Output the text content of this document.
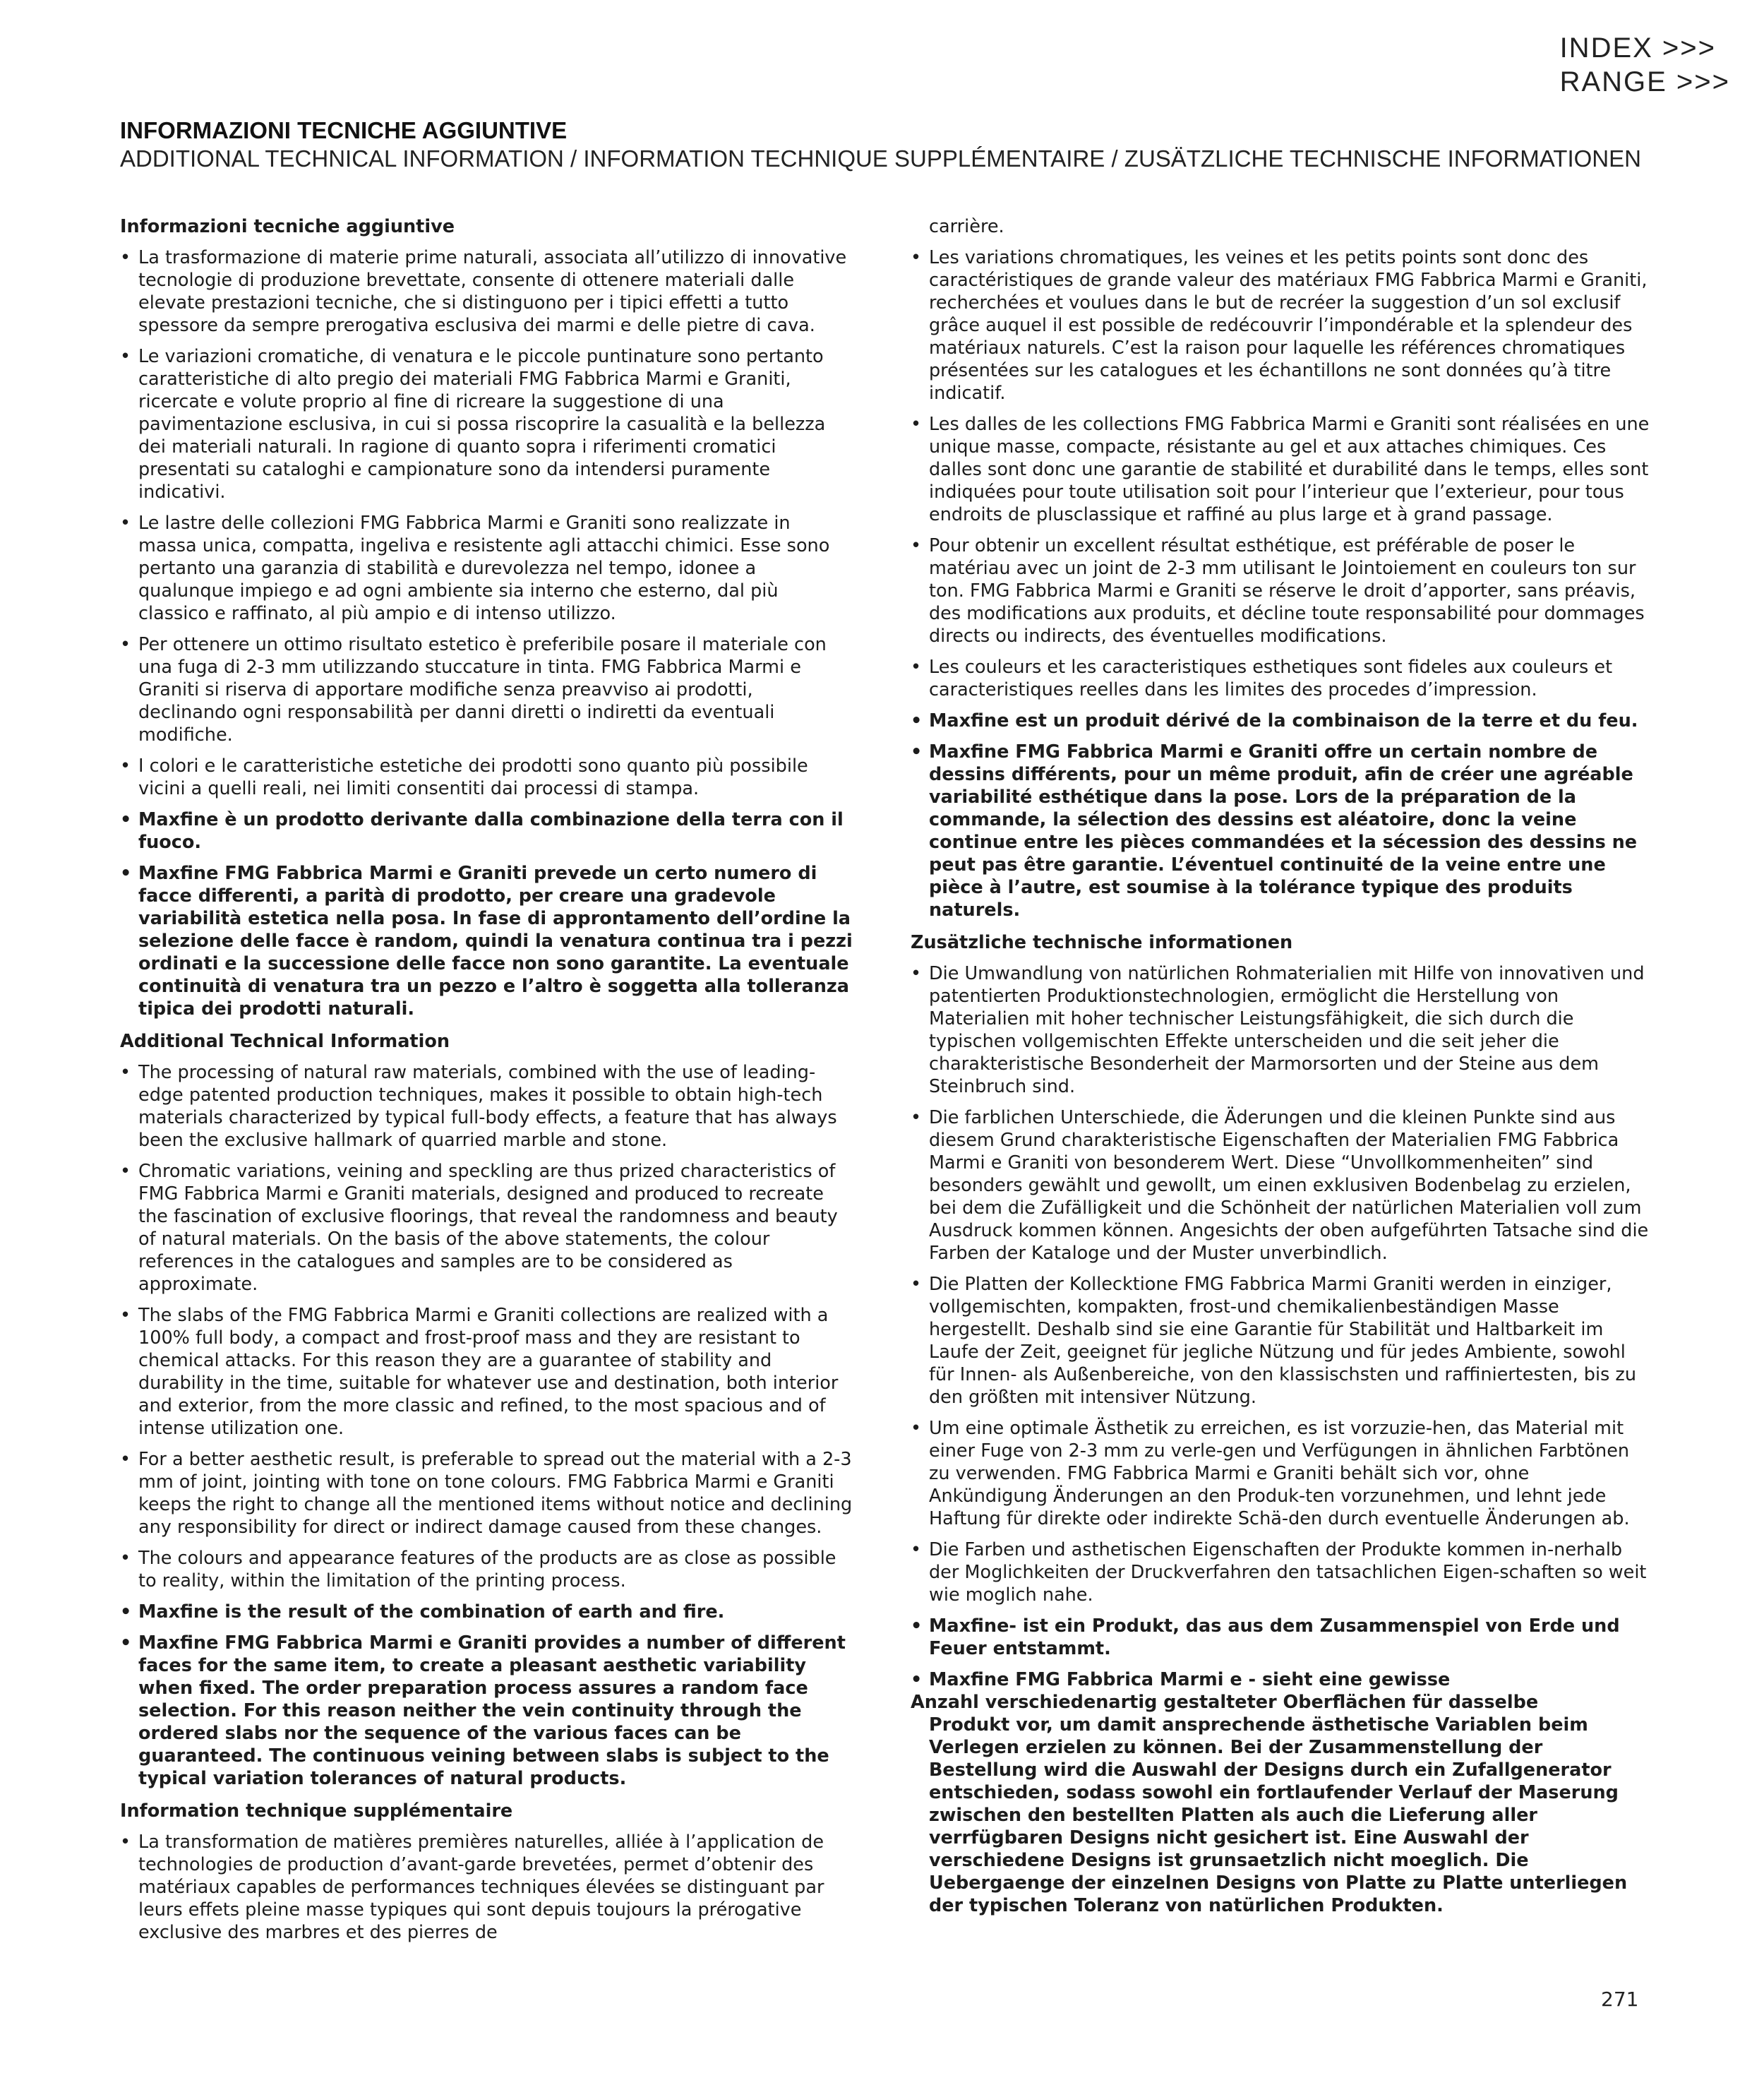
INDEX >>>
RANGE >>>
INFORMAZIONI TECNICHE AGGIUNTIVE
ADDITIONAL TECHNICAL INFORMATION / INFORMATION TECHNIQUE SUPPLÉMENTAIRE / ZUSÄTZLICHE TECHNISCHE INFORMATIONEN
Informazioni tecniche aggiuntive
• La trasformazione di materie prime naturali, associata all’utilizzo di innovative tecnologie di produzione brevettate, consente di ottenere materiali dalle elevate prestazioni tecniche, che si distinguono per i tipici effetti a tutto spessore da sempre prerogativa esclusiva dei marmi e delle pietre di cava.
• Le variazioni cromatiche, di venatura e le piccole puntinature sono pertanto caratteristiche di alto pregio dei materiali FMG Fabbrica Marmi e Graniti, ricercate e volute proprio al fine di ricreare la suggestione di una pavimentazione esclusiva, in cui si possa riscoprire la casualità e la bellezza dei materiali naturali. In ragione di quanto sopra i riferimenti cromatici presentati su cataloghi e campionature sono da intendersi puramente indicativi.
• Le lastre delle collezioni FMG Fabbrica Marmi e Graniti sono realizzate in massa unica, compatta, ingeliva e resistente agli attacchi chimici. Esse sono pertanto una garanzia di stabilità e durevolezza nel tempo, idonee a qualunque impiego e ad ogni ambiente sia interno che esterno, dal più classico e raffinato, al più ampio e di intenso utilizzo.
• Per ottenere un ottimo risultato estetico è preferibile posare il materiale con una fuga di 2-3 mm utilizzando stuccature in tinta. FMG Fabbrica Marmi e Graniti si riserva di apportare modifiche senza preavviso ai prodotti, declinando ogni responsabilità per danni diretti o indiretti da eventuali modifiche.
• I colori e le caratteristiche estetiche dei prodotti sono quanto più possibile vicini a quelli reali, nei limiti consentiti dai processi di stampa.
• Maxfine è un prodotto derivante dalla combinazione della terra con il fuoco.
• Maxfine FMG Fabbrica Marmi e Graniti prevede un certo numero di facce differenti, a parità di prodotto, per creare una gradevole variabilità estetica nella posa. In fase di approntamento dell’ordine la selezione delle facce è random, quindi la venatura continua tra i pezzi ordinati e la successione delle facce non sono garantite. La eventuale continuità di venatura tra un pezzo e l’altro è soggetta alla tolleranza tipica dei prodotti naturali.
Additional Technical Information
• The processing of natural raw materials, combined with the use of leading-edge patented production techniques, makes it possible to obtain high-tech materials characterized by typical full-body effects, a feature that has always been the exclusive hallmark of quarried marble and stone.
• Chromatic variations, veining and speckling are thus prized characteristics of FMG Fabbrica Marmi e Graniti materials, designed and produced to recreate the fascination of exclusive floorings, that reveal the randomness and beauty of natural materials. On the basis of the above statements, the colour references in the catalogues and samples are to be considered as approximate.
• The slabs of the FMG Fabbrica Marmi e Graniti collections are realized with a 100% full body, a compact and frost-proof mass and they are resistant to chemical attacks. For this reason they are a guarantee of stability and durability in the time, suitable for whatever use and destination, both interior and exterior, from the more classic and refined, to the most spacious and of intense utilization one.
• For a better aesthetic result, is preferable to spread out the material with a 2-3 mm of joint, jointing with tone on tone colours. FMG Fabbrica Marmi e Graniti keeps the right to change all the mentioned items without notice and declining any responsibility for direct or indirect damage caused from these changes.
• The colours and appearance features of the products are as close as possible to reality, within the limitation of the printing process.
• Maxfine is the result of the combination of earth and fire.
• Maxfine FMG Fabbrica Marmi e Graniti provides a number of different faces for the same item, to create a pleasant aesthetic variability when fixed. The order preparation process assures a random face selection. For this reason neither the vein continuity through the ordered slabs nor the sequence of the various faces can be guaranteed. The continuous veining between slabs is subject to the typical variation tolerances of natural products.
Information technique supplémentaire
• La transformation de matières premières naturelles, alliée à l’application de technologies de production d’avant-garde brevetées, permet d’obtenir des matériaux capables de performances techniques élevées se distinguant par leurs effets pleine masse typiques qui sont depuis toujours la prérogative exclusive des marbres et des pierres de
carrière.
• Les variations chromatiques, les veines et les petits points sont donc des caractéristiques de grande valeur des matériaux FMG Fabbrica Marmi e Graniti, recherchées et voulues dans le but de recréer la suggestion d’un sol exclusif grâce auquel il est possible de redécouvrir l’impondérable et la splendeur des matériaux naturels. C’est la raison pour laquelle les références chromatiques présentées sur les catalogues et les échantillons ne sont données qu’à titre indicatif.
• Les dalles de les collections FMG Fabbrica Marmi e Graniti sont réalisées en une unique masse, compacte, résistante au gel et aux attaches chimiques. Ces dalles sont donc une garantie de stabilité et durabilité dans le temps, elles sont indiquées pour toute utilisation soit pour l’interieur que l’exterieur, pour tous endroits de plusclassique et raffiné au plus large et à grand passage.
• Pour obtenir un excellent résultat esthétique, est préférable de poser le matériau avec un joint de 2-3 mm utilisant le Jointoiement en couleurs ton sur ton. FMG Fabbrica Marmi e Graniti se réserve le droit d’apporter, sans préavis, des modifications aux produits, et décline toute responsabilité pour dommages directs ou indirects, des éventuelles modifications.
• Les couleurs et les caracteristiques esthetiques sont fideles aux couleurs et caracteristiques reelles dans les limites des procedes d’impression.
• Maxfine est un produit dérivé de la combinaison de la terre et du feu.
• Maxfine FMG Fabbrica Marmi e Graniti offre un certain nombre de dessins différents, pour un même produit, afin de créer une agréable variabilité esthétique dans la pose. Lors de la préparation de la commande, la sélection des dessins est aléatoire, donc la veine continue entre les pièces commandées et la sécession des dessins ne peut pas être garantie. L’éventuel continuité de la veine entre une pièce à l’autre, est soumise à la tolérance typique des produits naturels.
Zusätzliche technische informationen
• Die Umwandlung von natürlichen Rohmaterialien mit Hilfe von innovativen und patentierten Produktionstechnologien, ermöglicht die Herstellung von Materialien mit hoher technischer Leistungsfähigkeit, die sich durch die typischen vollgemischten Effekte unterscheiden und die seit jeher die charakteristische Besonderheit der Marmorsorten und der Steine aus dem Steinbruch sind.
• Die farblichen Unterschiede, die Äderungen und die kleinen Punkte sind aus diesem Grund charakteristische Eigenschaften der Materialien FMG Fabbrica Marmi e Graniti von besonderem Wert. Diese “Unvollkommenheiten” sind besonders gewählt und gewollt, um einen exklusiven Bodenbelag zu erzielen, bei dem die Zufälligkeit und die Schönheit der natürlichen Materialien voll zum Ausdruck kommen können. Angesichts der oben aufgeführten Tatsache sind die Farben der Kataloge und der Muster unverbindlich.
• Die Platten der Kollecktione FMG Fabbrica Marmi Graniti werden in einziger, vollgemischten, kompakten, frost-und chemikalienbeständigen Masse hergestellt. Deshalb sind sie eine Garantie für Stabilität und Haltbarkeit im Laufe der Zeit, geeignet für jegliche Nützung und für jedes Ambiente, sowohl für Innen- als Außenbereiche, von den klassischsten und raffiniertesten, bis zu den größten mit intensiver Nützung.
• Um eine optimale Ästhetik zu erreichen, es ist vorzuzie-hen, das Material mit einer Fuge von 2-3 mm zu verle-gen und Verfügungen in ähnlichen Farbtönen zu verwenden. FMG Fabbrica Marmi e Graniti behält sich vor, ohne Ankündigung Änderungen an den Produk-ten vorzunehmen, und lehnt jede Haftung für direkte oder indirekte Schä-den durch eventuelle Änderungen ab.
• Die Farben und asthetischen Eigenschaften der Produkte kommen in-nerhalb der Moglichkeiten der Druckverfahren den tatsachlichen Eigen-schaften so weit wie moglich nahe.
• Maxfine- ist ein Produkt, das aus dem Zusammenspiel von Erde und Feuer entstammt.
• Maxfine FMG Fabbrica Marmi e - sieht eine gewisse
Anzahl verschiedenartig gestalteter Oberflächen für dasselbe
Produkt vor, um damit ansprechende ästhetische Variablen beim Verlegen erzielen zu können. Bei der Zusammenstellung der Bestellung wird die Auswahl der Designs durch ein Zufallgenerator entschieden, sodass sowohl ein fortlaufender Verlauf der Maserung zwischen den bestellten Platten als auch die Lieferung aller verrfügbaren Designs nicht gesichert ist. Eine Auswahl der verschiedene Designs ist grunsaetzlich nicht moeglich. Die Uebergaenge der einzelnen Designs von Platte zu Platte unterliegen der typischen Toleranz von natürlichen Produkten.
271
